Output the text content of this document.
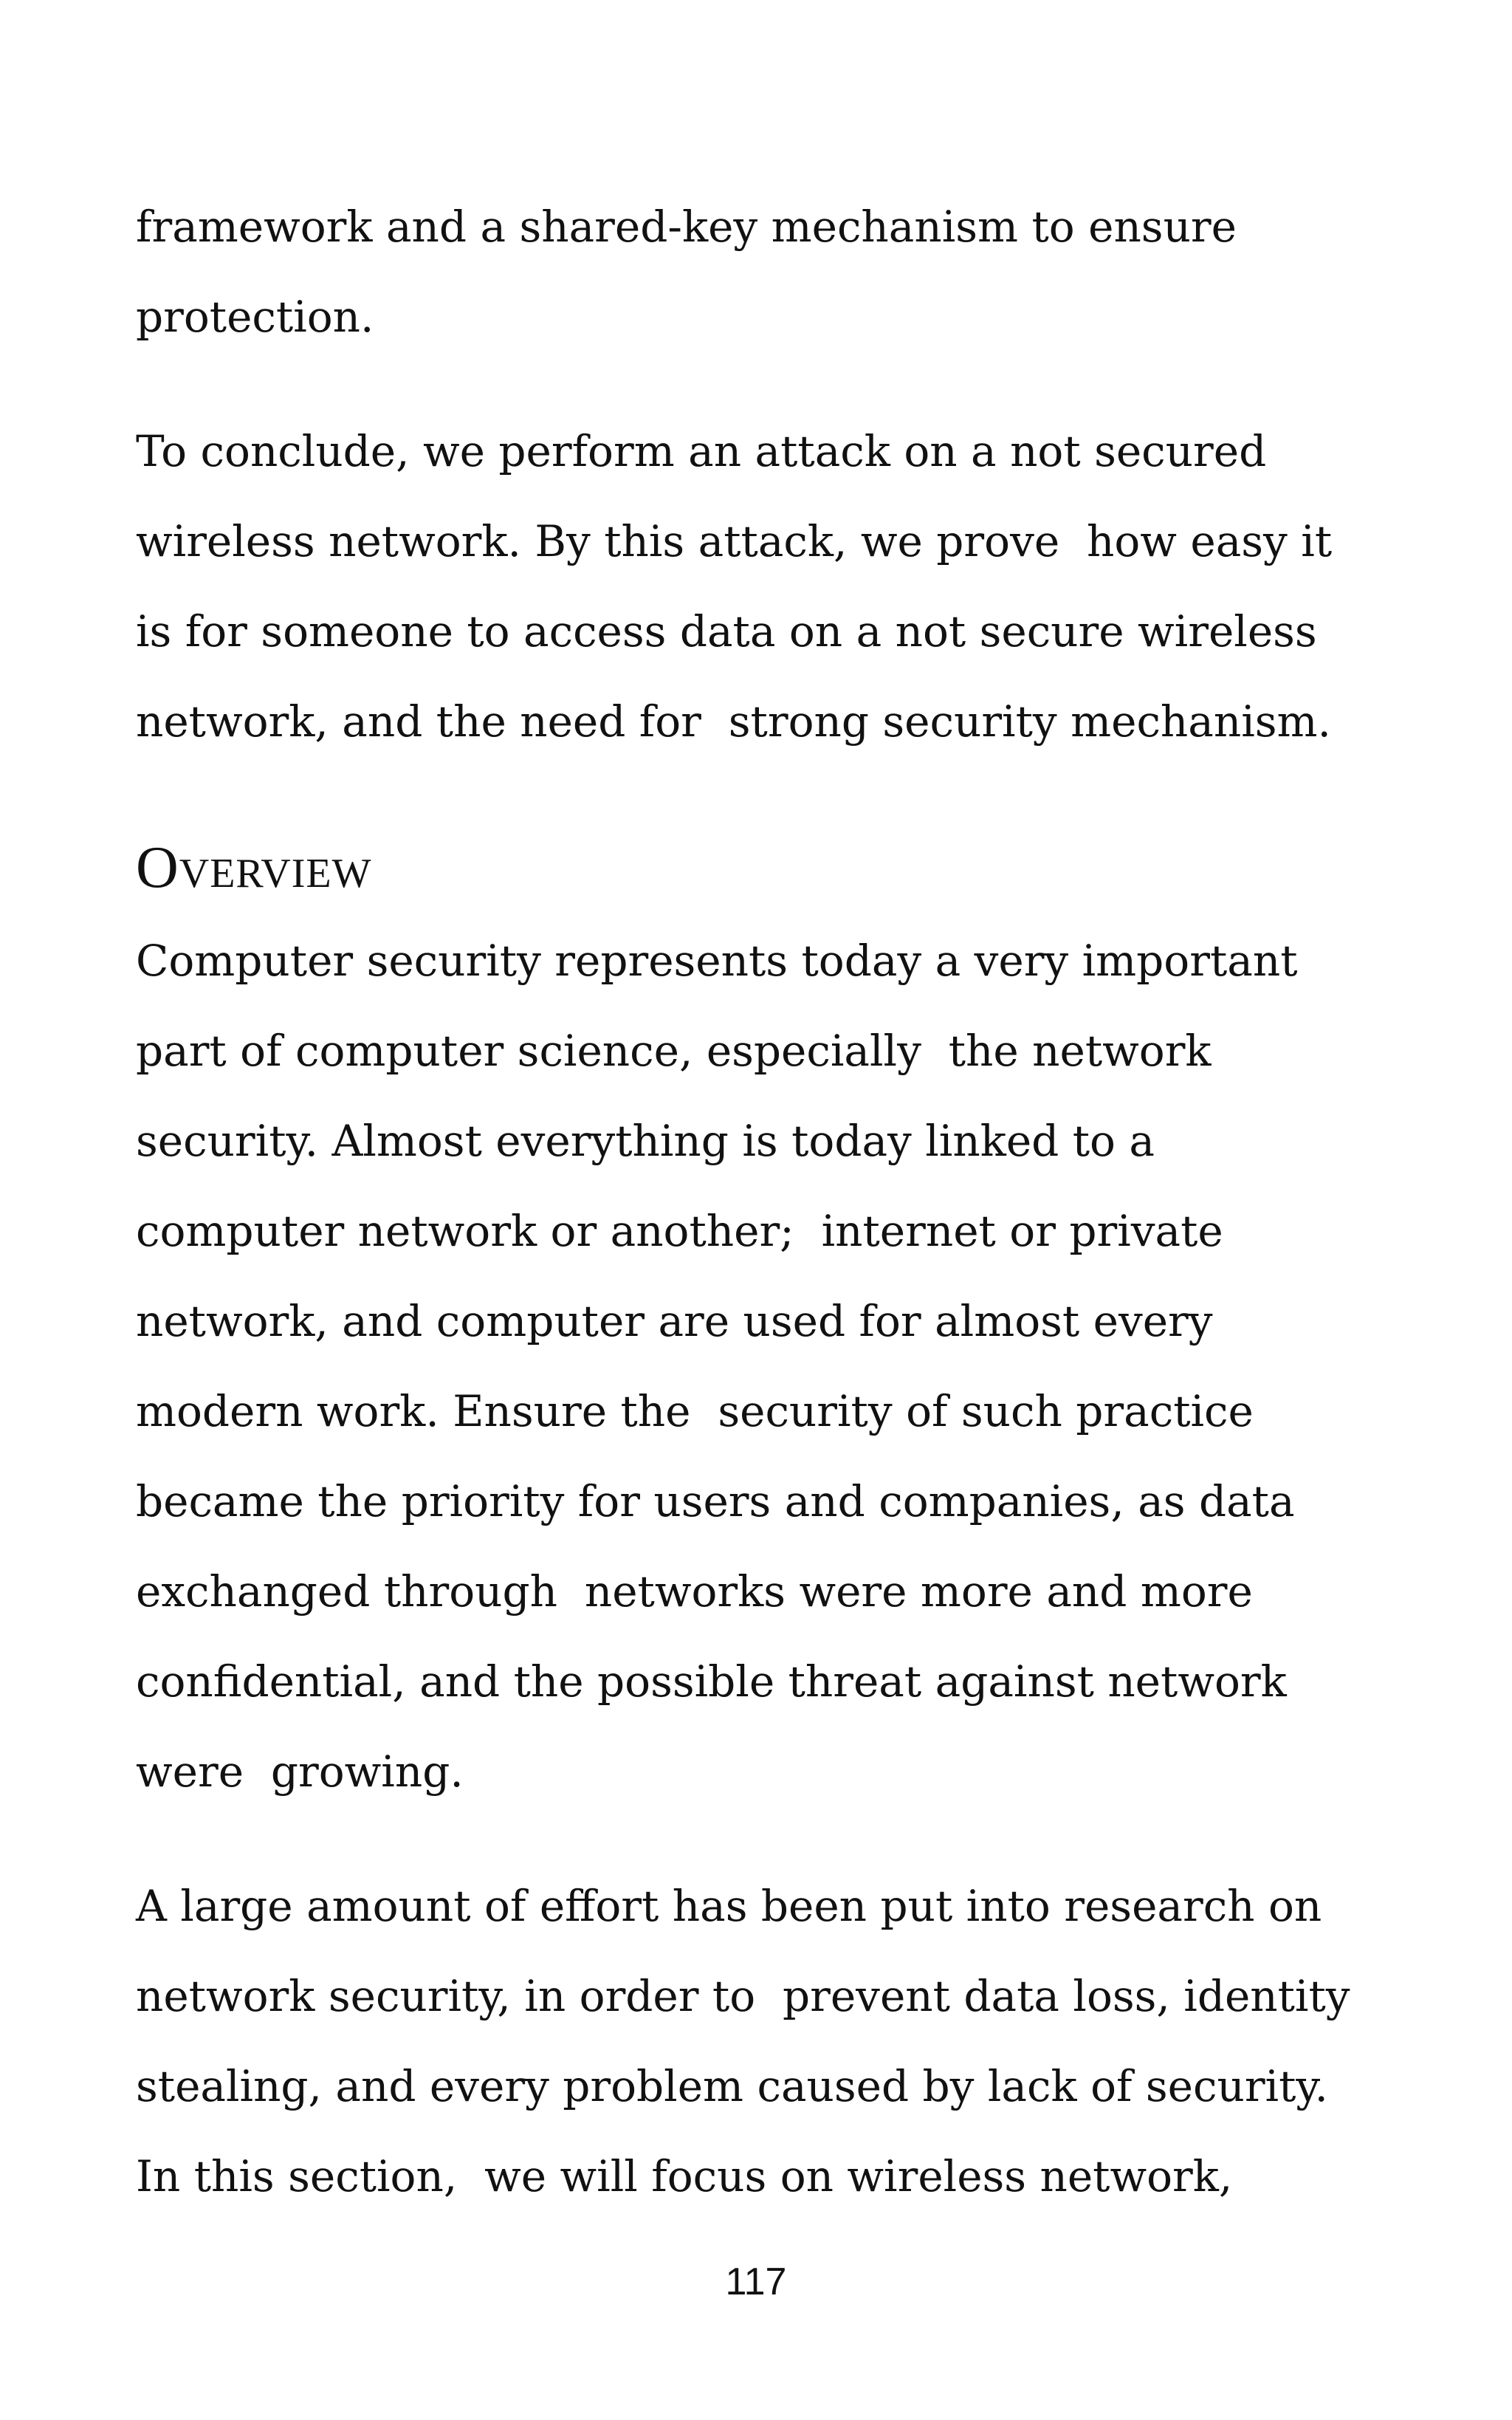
framework and a shared-key mechanism to ensure
protection.
To conclude, we perform an attack on a not secured
wireless network. By this attack, we prove  how easy it
is for someone to access data on a not secure wireless
network, and the need for  strong security mechanism.
Overview
Computer security represents today a very important
part of computer science, especially  the network
security. Almost everything is today linked to a
computer network or another;  internet or private
network, and computer are used for almost every
modern work. Ensure the  security of such practice
became the priority for users and companies, as data
exchanged through  networks were more and more
confidential, and the possible threat against network
were  growing.
A large amount of effort has been put into research on
network security, in order to  prevent data loss, identity
stealing, and every problem caused by lack of security.
In this section,  we will focus on wireless network,
117
